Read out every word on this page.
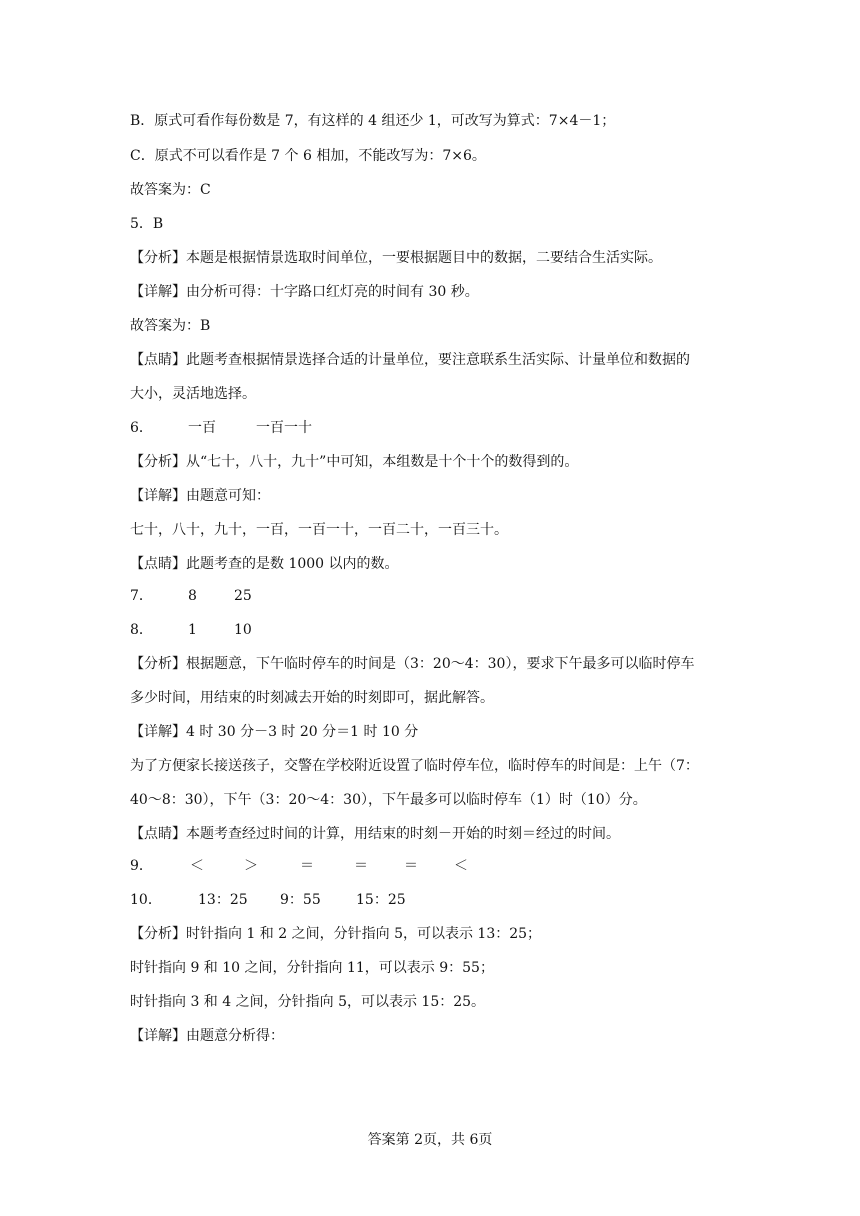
B．原式可看作每份数是 7，有这样的 4 组还少 1，可改写为算式：7×4－1；
C．原式不可以看作是 7 个 6 相加，不能改写为：7×6。
故答案为：C
5．B
【分析】本题是根据情景选取时间单位，一要根据题目中的数据，二要结合生活实际。
【详解】由分析可得：十字路口红灯亮的时间有 30 秒。
故答案为：B
【点睛】此题考查根据情景选择合适的计量单位，要注意联系生活实际、计量单位和数据的
大小，灵活地选择。
6．	一百	一百一十
【分析】从“七十，八十，九十”中可知，本组数是十个十个的数得到的。
【详解】由题意可知：
七十，八十，九十，一百，一百一十，一百二十，一百三十。
【点睛】此题考查的是数 1000 以内的数。
7．	8	25
8．	1	10
【分析】根据题意，下午临时停车的时间是（3：20～4：30），要求下午最多可以临时停车
多少时间，用结束的时刻减去开始的时刻即可，据此解答。
【详解】4 时 30 分－3 时 20 分＝1 时 10 分
为了方便家长接送孩子，交警在学校附近设置了临时停车位，临时停车的时间是：上午（7：
40～8：30），下午（3：20～4：30），下午最多可以临时停车（1）时（10）分。
【点睛】本题考查经过时间的计算，用结束的时刻－开始的时刻＝经过的时间。
9．	＜	＞	＝	＝	＝	＜
10．	13：25	9：55	15：25
【分析】时针指向 1 和 2 之间，分针指向 5，可以表示 13：25；
时针指向 9 和 10 之间，分针指向 11，可以表示 9：55；
时针指向 3 和 4 之间，分针指向 5，可以表示 15：25。
【详解】由题意分析得：
答案第 2页，共 6页
